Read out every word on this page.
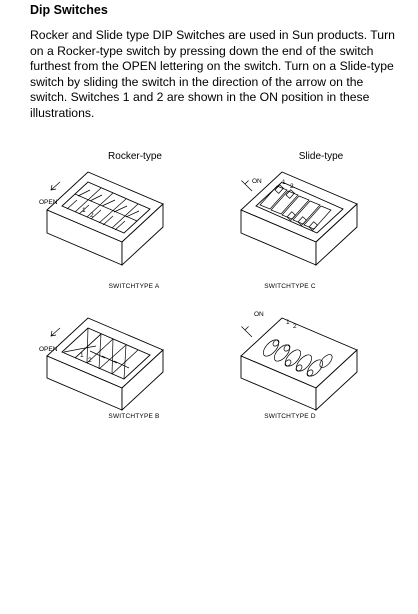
Dip Switches

Rocker and Slide type DIP Switches are used in Sun products. Turn on a Rocker-type switch by pressing down the end of the switch furthest from the OPEN lettering on the switch. Turn on a Slide-type switch by sliding the switch in the direction of the arrow on the switch. Switches 1 and 2 are shown in the ON position in these illustrations.

Rocker-type	Slide-type
OPEN
1
2
SWITCHTYPE A
ON	1
2
SWITCHTYPE C
OPEN
1
2
SWITCHTYPE B
ON
1
2
SWITCHTYPE D
